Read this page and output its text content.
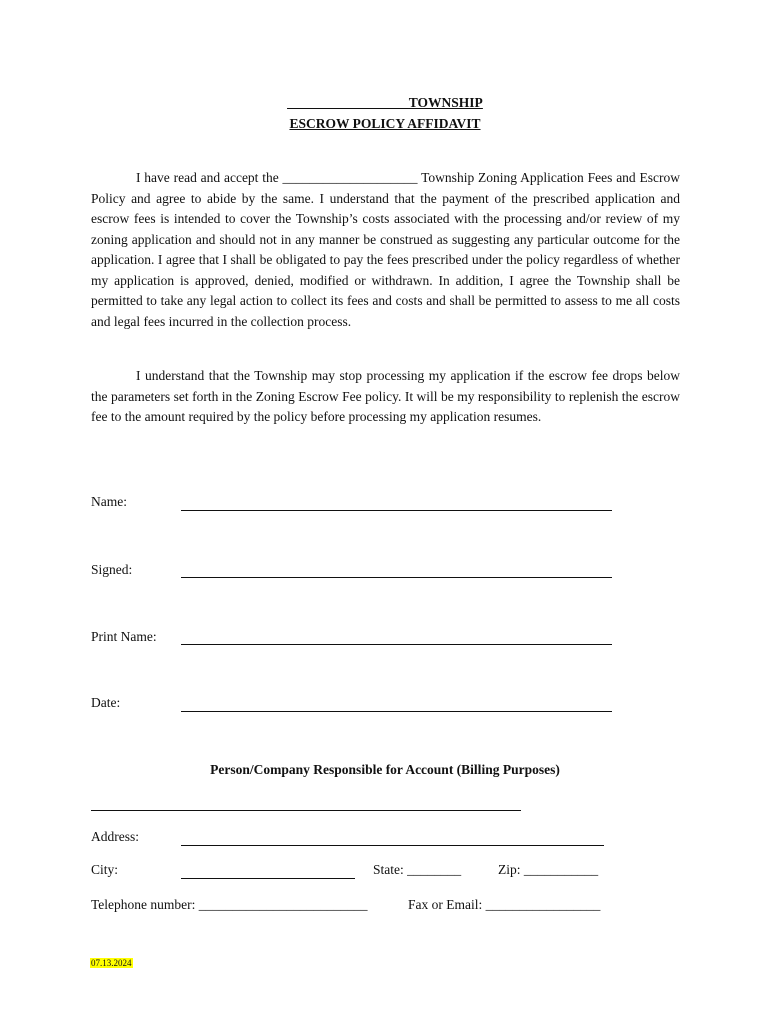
__________________TOWNSHIP
ESCROW POLICY AFFIDAVIT

I have read and accept the ____________________ Township Zoning Application Fees and Escrow Policy and agree to abide by the same. I understand that the payment of the prescribed application and escrow fees is intended to cover the Township’s costs associated with the processing and/or review of my zoning application and should not in any manner be construed as suggesting any particular outcome for the application. I agree that I shall be obligated to pay the fees prescribed under the policy regardless of whether my application is approved, denied, modified or withdrawn. In addition, I agree the Township shall be permitted to take any legal action to collect its fees and costs and shall be permitted to assess to me all costs and legal fees incurred in the collection process.

I understand that the Township may stop processing my application if the escrow fee drops below the parameters set forth in the Zoning Escrow Fee policy. It will be my responsibility to replenish the escrow fee to the amount required by the policy before processing my application resumes.

Name:
Signed:
Print Name:
Date:
Person/Company Responsible for Account (Billing Purposes)
Address:
City:	State: ________	Zip: ___________
Telephone number: _________________________	Fax or Email: _________________
07.13.2024
